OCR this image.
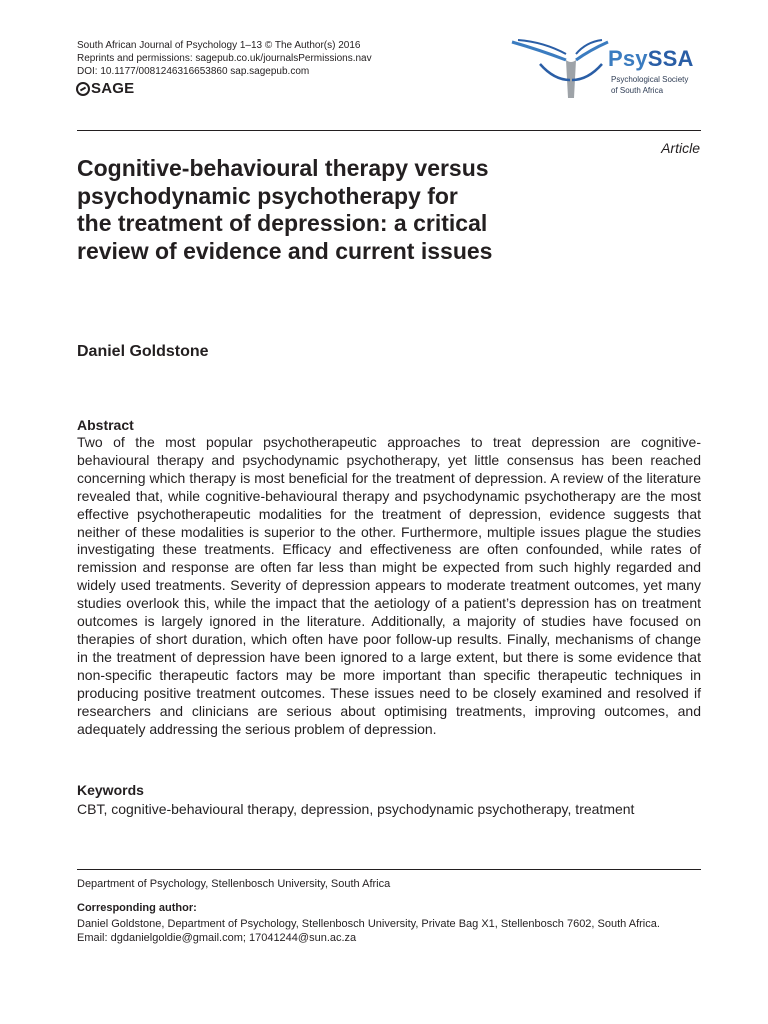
South African Journal of Psychology 1–13 © The Author(s) 2016
Reprints and permissions: sagepub.co.uk/journalsPermissions.nav
DOI: 10.1177/0081246316653860 sap.sagepub.com
SAGE
PsySSA
Psychological Society
of South Africa
Article
Cognitive-behavioural therapy versus psychodynamic psychotherapy for the treatment of depression: a critical review of evidence and current issues
Daniel Goldstone
Abstract

Two of the most popular psychotherapeutic approaches to treat depression are cognitive-behavioural therapy and psychodynamic psychotherapy, yet little consensus has been reached concerning which therapy is most beneficial for the treatment of depression. A review of the literature revealed that, while cognitive-behavioural therapy and psychodynamic psychotherapy are the most effective psychotherapeutic modalities for the treatment of depression, evidence suggests that neither of these modalities is superior to the other. Furthermore, multiple issues plague the studies investigating these treatments. Efficacy and effectiveness are often confounded, while rates of remission and response are often far less than might be expected from such highly regarded and widely used treatments. Severity of depression appears to moderate treatment outcomes, yet many studies overlook this, while the impact that the aetiology of a patient’s depression has on treatment outcomes is largely ignored in the literature. Additionally, a majority of studies have focused on therapies of short duration, which often have poor follow-up results. Finally, mechanisms of change in the treatment of depression have been ignored to a large extent, but there is some evidence that non-specific therapeutic factors may be more important than specific therapeutic techniques in producing positive treatment outcomes. These issues need to be closely examined and resolved if researchers and clinicians are serious about optimising treatments, improving outcomes, and adequately addressing the serious problem of depression.

Keywords
CBT, cognitive-behavioural therapy, depression, psychodynamic psychotherapy, treatment
Department of Psychology, Stellenbosch University, South Africa
Corresponding author:
Daniel Goldstone, Department of Psychology, Stellenbosch University, Private Bag X1, Stellenbosch 7602, South Africa.
Email: dgdanielgoldie@gmail.com; 17041244@sun.ac.za
